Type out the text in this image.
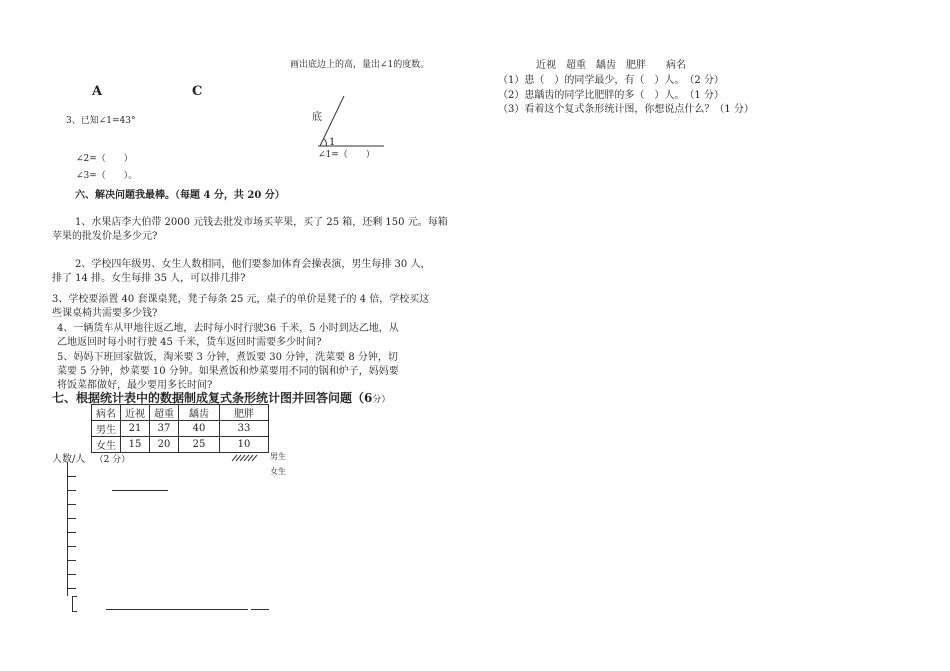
画出底边上的高，量出∠1的度数。
A	C
3、已知∠1=43°	底
1
∠1=（　　）
∠2=（　　）
∠3=（　　）。
六、解决问题我最棒。（每题 4 分，共 20 分）
1、水果店李大伯带 2000 元钱去批发市场买苹果，买了 25 箱，还剩 150 元。每箱
苹果的批发价是多少元?
2、学校四年级男、女生人数相同，他们要参加体育会操表演，男生每排 30 人，
排了 14 排。女生每排 35 人，可以排几排?
3、学校要添置 40 套课桌凳，凳子每条 25 元，桌子的单价是凳子的 4 倍，学校买这
些课桌椅共需要多少钱?
4、一辆货车从甲地往返乙地，去时每小时行驶36 千米，5 小时到达乙地，从
乙地返回时每小时行驶 45 千米，货车返回时需要多少时间?
5、妈妈下班回家做饭，淘米要 3 分钟，煮饭要 30 分钟，洗菜要 8 分钟，切
菜要 5 分钟，炒菜要 10 分钟。如果煮饭和炒菜要用不同的锅和炉子，妈妈要
将饭菜都做好，最少要用多长时间?
七、根据统计表中的数据制成复式条形统计图并回答问题（6分）
病名	近视	超重	龋齿	肥胖
男生	21	37	40	33
女生	15	20	25	10
人数/人 （2 分）	男生
女生
近视　超重　龋齿　肥胖　　病名
（1）患（　）的同学最少，有（　）人。　（2 分）
（2）患龋齿的同学比肥胖的多（　）人。　（1 分）
（3）看着这个复式条形统计图，你想说点什么？（1 分）
